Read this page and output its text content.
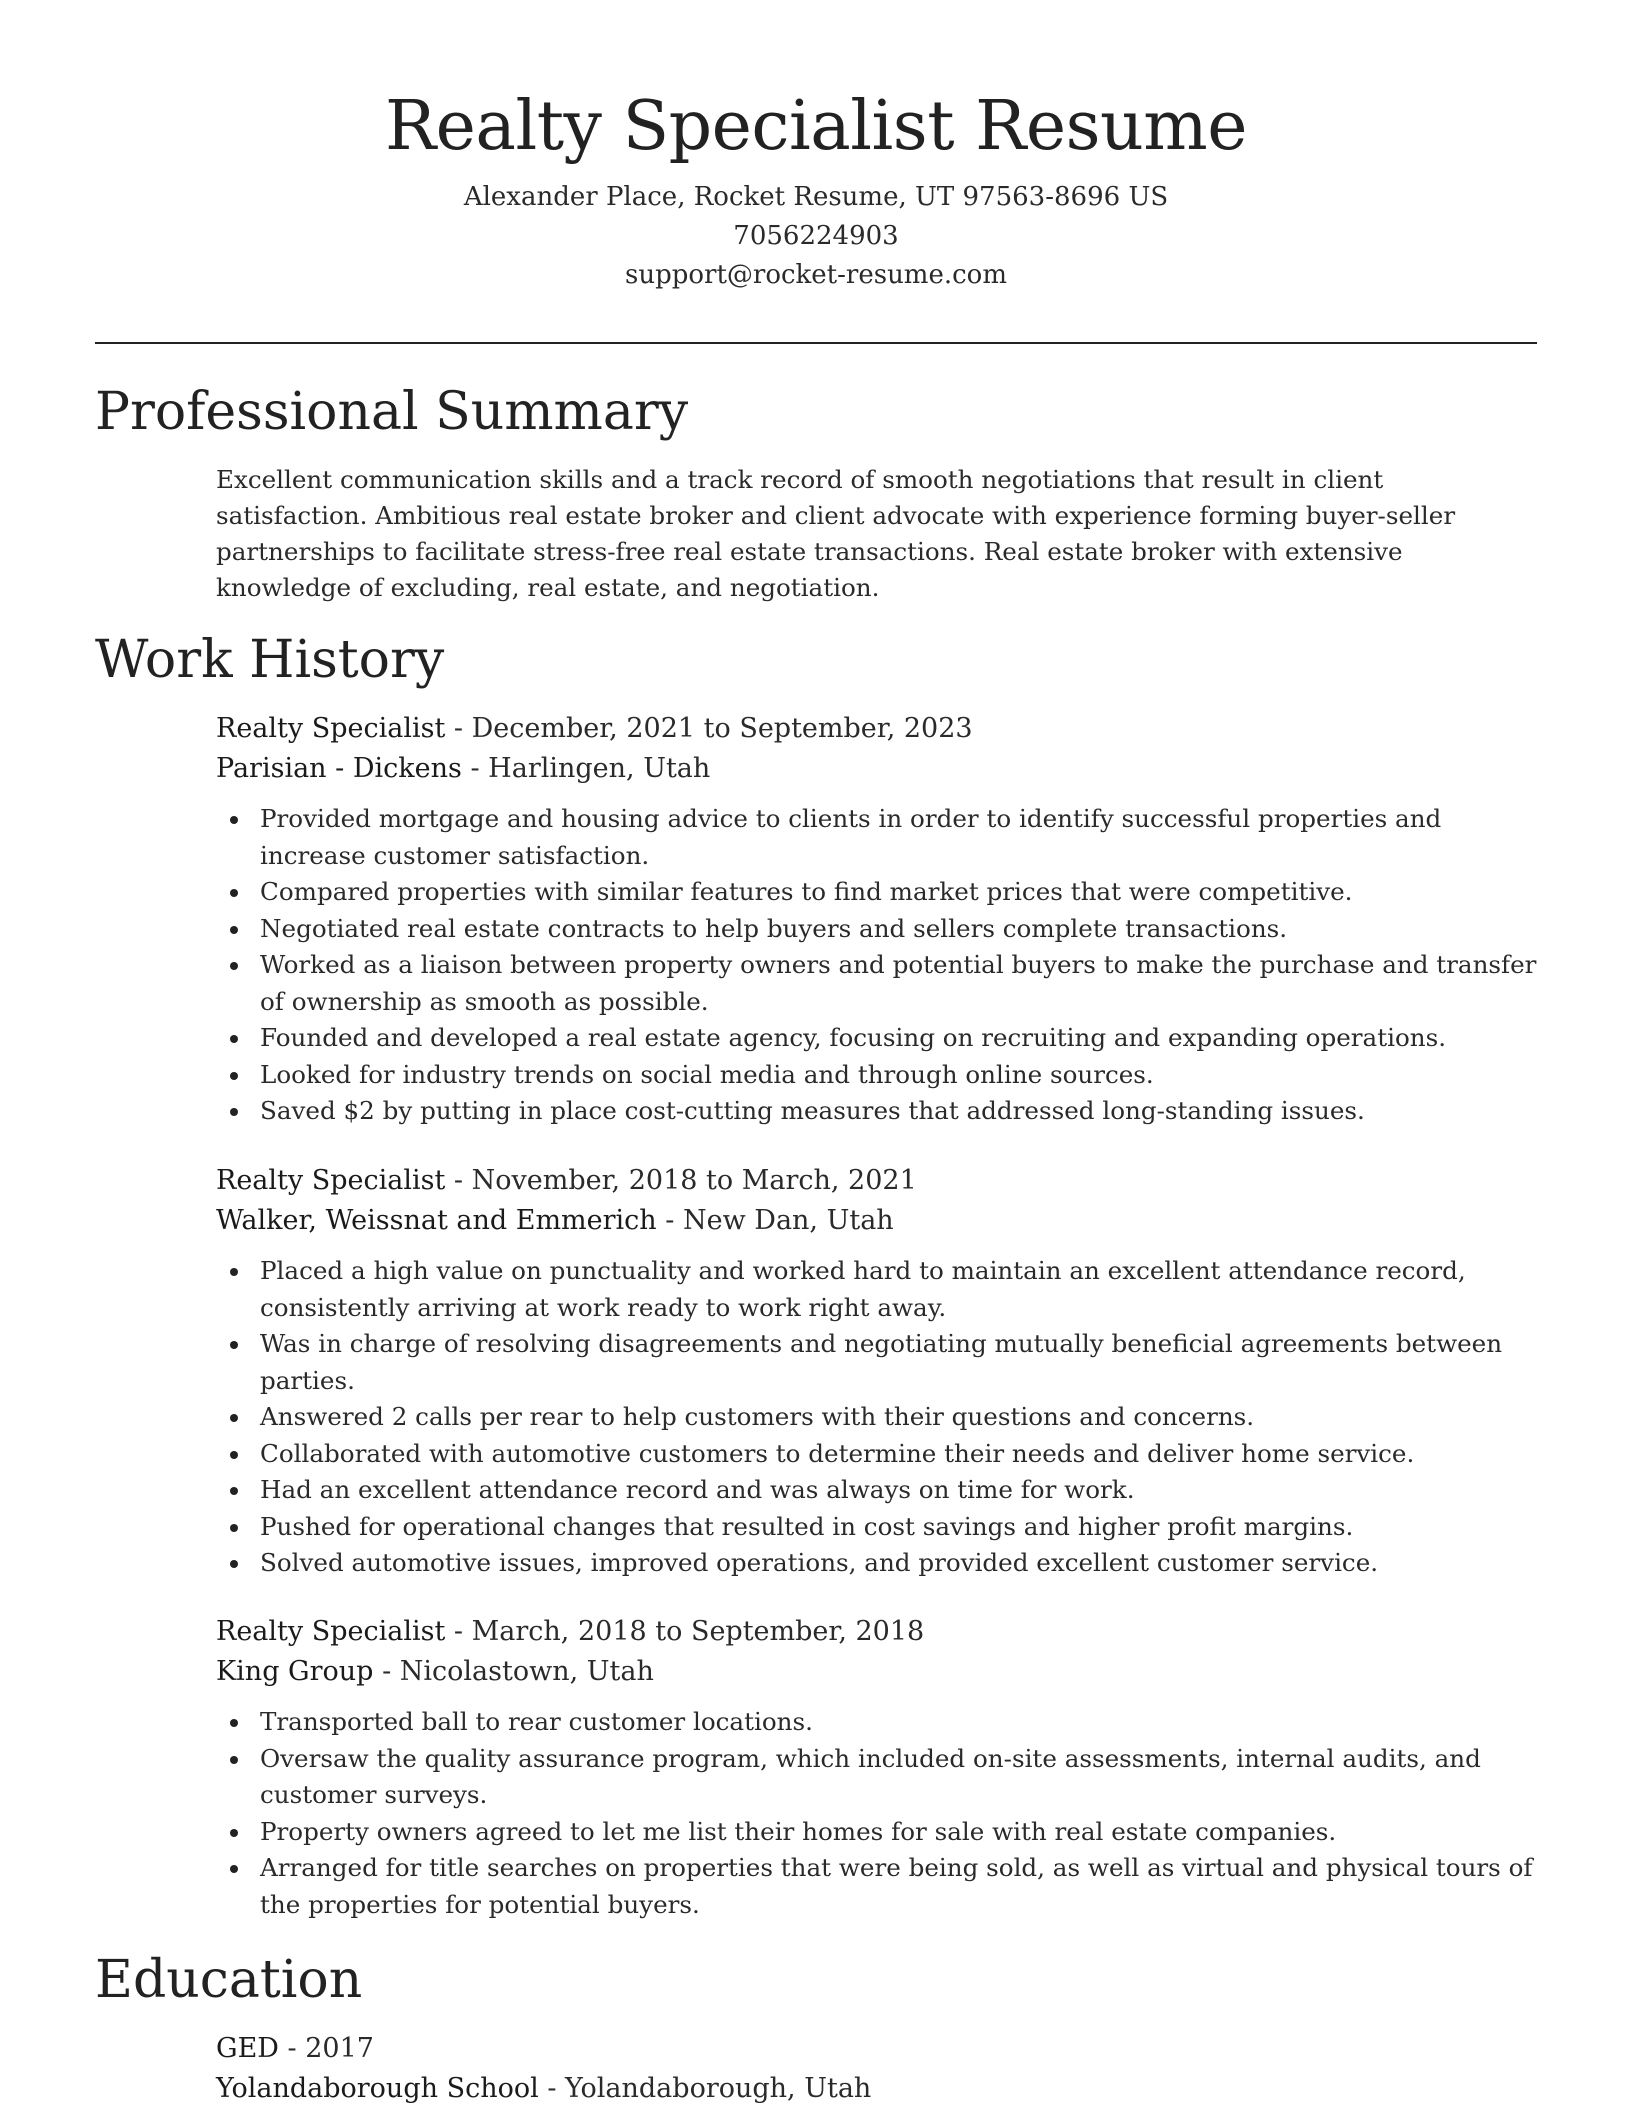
Realty Specialist Resume
Alexander Place, Rocket Resume, UT 97563-8696 US
7056224903
support@rocket-resume.com
Professional Summary

Excellent communication skills and a track record of smooth negotiations that result in client satisfaction. Ambitious real estate broker and client advocate with experience forming buyer-seller partnerships to facilitate stress-free real estate transactions. Real estate broker with extensive knowledge of excluding, real estate, and negotiation.

Work History
Realty Specialist - December, 2021 to September, 2023
Parisian - Dickens - Harlingen, Utah
Provided mortgage and housing advice to clients in order to identify successful properties and increase customer satisfaction.
Compared properties with similar features to find market prices that were competitive.
Negotiated real estate contracts to help buyers and sellers complete transactions.
Worked as a liaison between property owners and potential buyers to make the purchase and transfer of ownership as smooth as possible.
Founded and developed a real estate agency, focusing on recruiting and expanding operations.
Looked for industry trends on social media and through online sources.
Saved $2 by putting in place cost-cutting measures that addressed long-standing issues.
Realty Specialist - November, 2018 to March, 2021
Walker, Weissnat and Emmerich - New Dan, Utah
Placed a high value on punctuality and worked hard to maintain an excellent attendance record, consistently arriving at work ready to work right away.
Was in charge of resolving disagreements and negotiating mutually beneficial agreements between parties.
Answered 2 calls per rear to help customers with their questions and concerns.
Collaborated with automotive customers to determine their needs and deliver home service.
Had an excellent attendance record and was always on time for work.
Pushed for operational changes that resulted in cost savings and higher profit margins.
Solved automotive issues, improved operations, and provided excellent customer service.
Realty Specialist - March, 2018 to September, 2018
King Group - Nicolastown, Utah
Transported ball to rear customer locations.
Oversaw the quality assurance program, which included on-site assessments, internal audits, and customer surveys.
Property owners agreed to let me list their homes for sale with real estate companies.
Arranged for title searches on properties that were being sold, as well as virtual and physical tours of the properties for potential buyers.
Education
GED - 2017
Yolandaborough School - Yolandaborough, Utah
